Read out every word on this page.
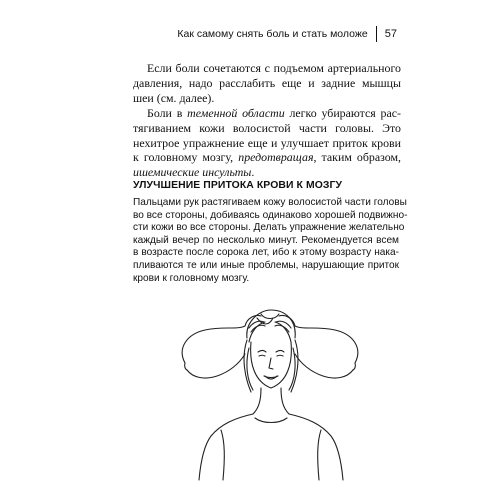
Как самому снять боль и стать моложе 57
Если боли сочетаются с подъемом артериального
давления, надо расслабить еще и задние мышцы
шеи (см. далее).
Боли в теменной области легко убираются рас-
тягиванием кожи волосистой части головы. Это
нехитрое упражнение еще и улучшает приток крови
к головному мозгу, предотвращая, таким образом,
ишемические инсульты.
УЛУЧШЕНИЕ ПРИТОКА КРОВИ К МОЗГУ
Пальцами рук растягиваем кожу волосистой части головы
во все стороны, добиваясь одинаково хорошей подвижно-
сти кожи во все стороны. Делать упражнение желательно
каждый вечер по несколько минут. Рекомендуется всем
в возрасте после сорока лет, ибо к этому возрасту нака-
пливаются те или иные проблемы, нарушающие приток
крови к головному мозгу.
